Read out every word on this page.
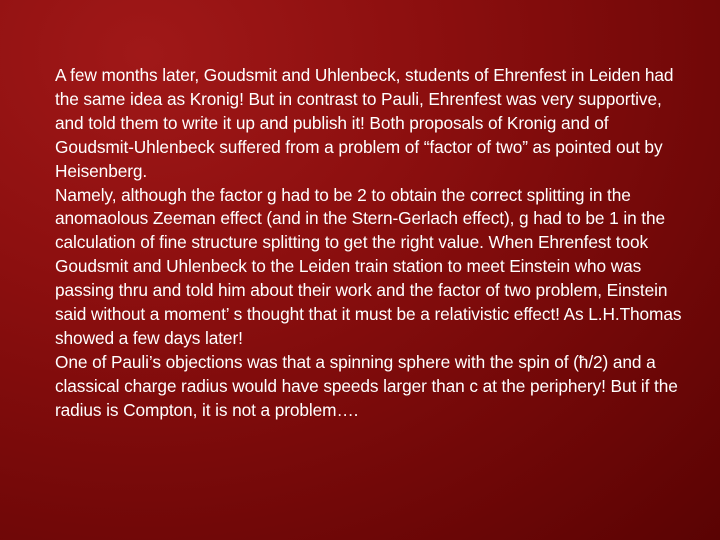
A few months later, Goudsmit and Uhlenbeck, students of Ehrenfest in Leiden had the same idea as Kronig! But in contrast to Pauli, Ehrenfest was very supportive, and told them to write it up and publish it! Both proposals of Kronig and of Goudsmit-Uhlenbeck suffered from a problem of “factor of two” as pointed out by Heisenberg.

Namely, although the factor g had to be 2 to obtain the correct splitting in the anomaolous Zeeman effect (and in the Stern-Gerlach effect), g had to be 1 in the calculation of fine structure splitting to get the right value. When Ehrenfest took Goudsmit and Uhlenbeck to the Leiden train station to meet Einstein who was passing thru and told him about their work and the factor of two problem, Einstein said without a moment’ s thought that it must be a relativistic effect! As L.H.Thomas showed a few days later!

One of Pauli’s objections was that a spinning sphere with the spin of (ħ/2) and a classical charge radius would have speeds larger than c at the periphery! But if the radius is Compton, it is not a problem….
